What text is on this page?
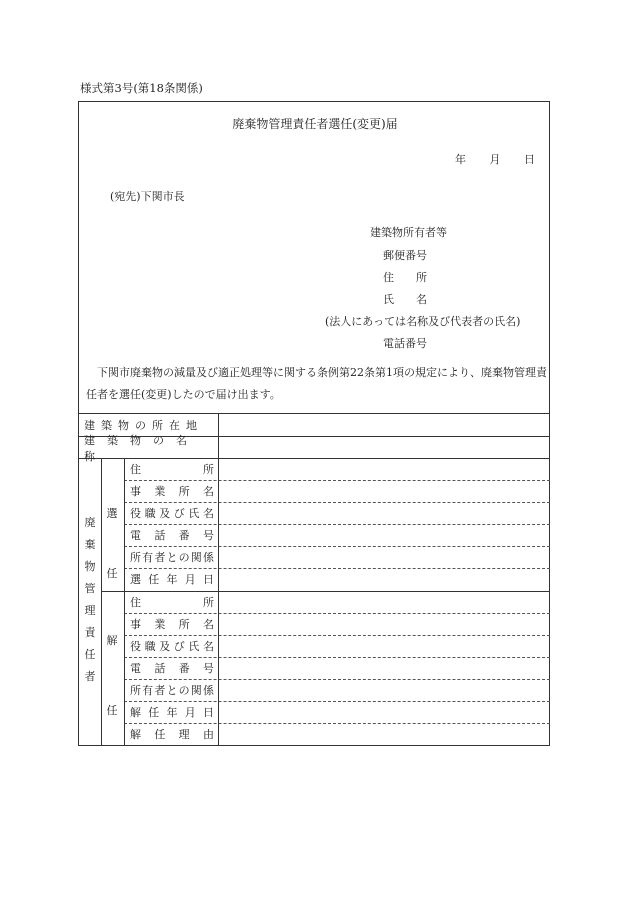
様式第3号(第18条関係)
廃棄物管理責任者選任(変更)届
年 月 日
(宛先)下関市長
建築物所有者等
郵便番号
住　　所
氏　　名
(法人にあっては名称及び代表者の氏名)
電話番号
下関市廃棄物の減量及び適正処理等に関する条例第22条第1項の規定により、廃棄物管理責任者を選任(変更)したので届け出ます。
建築物の所在地
建築物の名称
廃
棄
物
管
理
責
任
者
選
任
解
任
住	所
事 業 所 名
役 職 及 び 氏 名
電 話 番 号
所 有 者 と の 関 係
選 任 年 月 日
住	所
事 業 所 名
役 職 及 び 氏 名
電 話 番 号
所 有 者 と の 関 係
解 任 年 月 日
解 任 理 由
